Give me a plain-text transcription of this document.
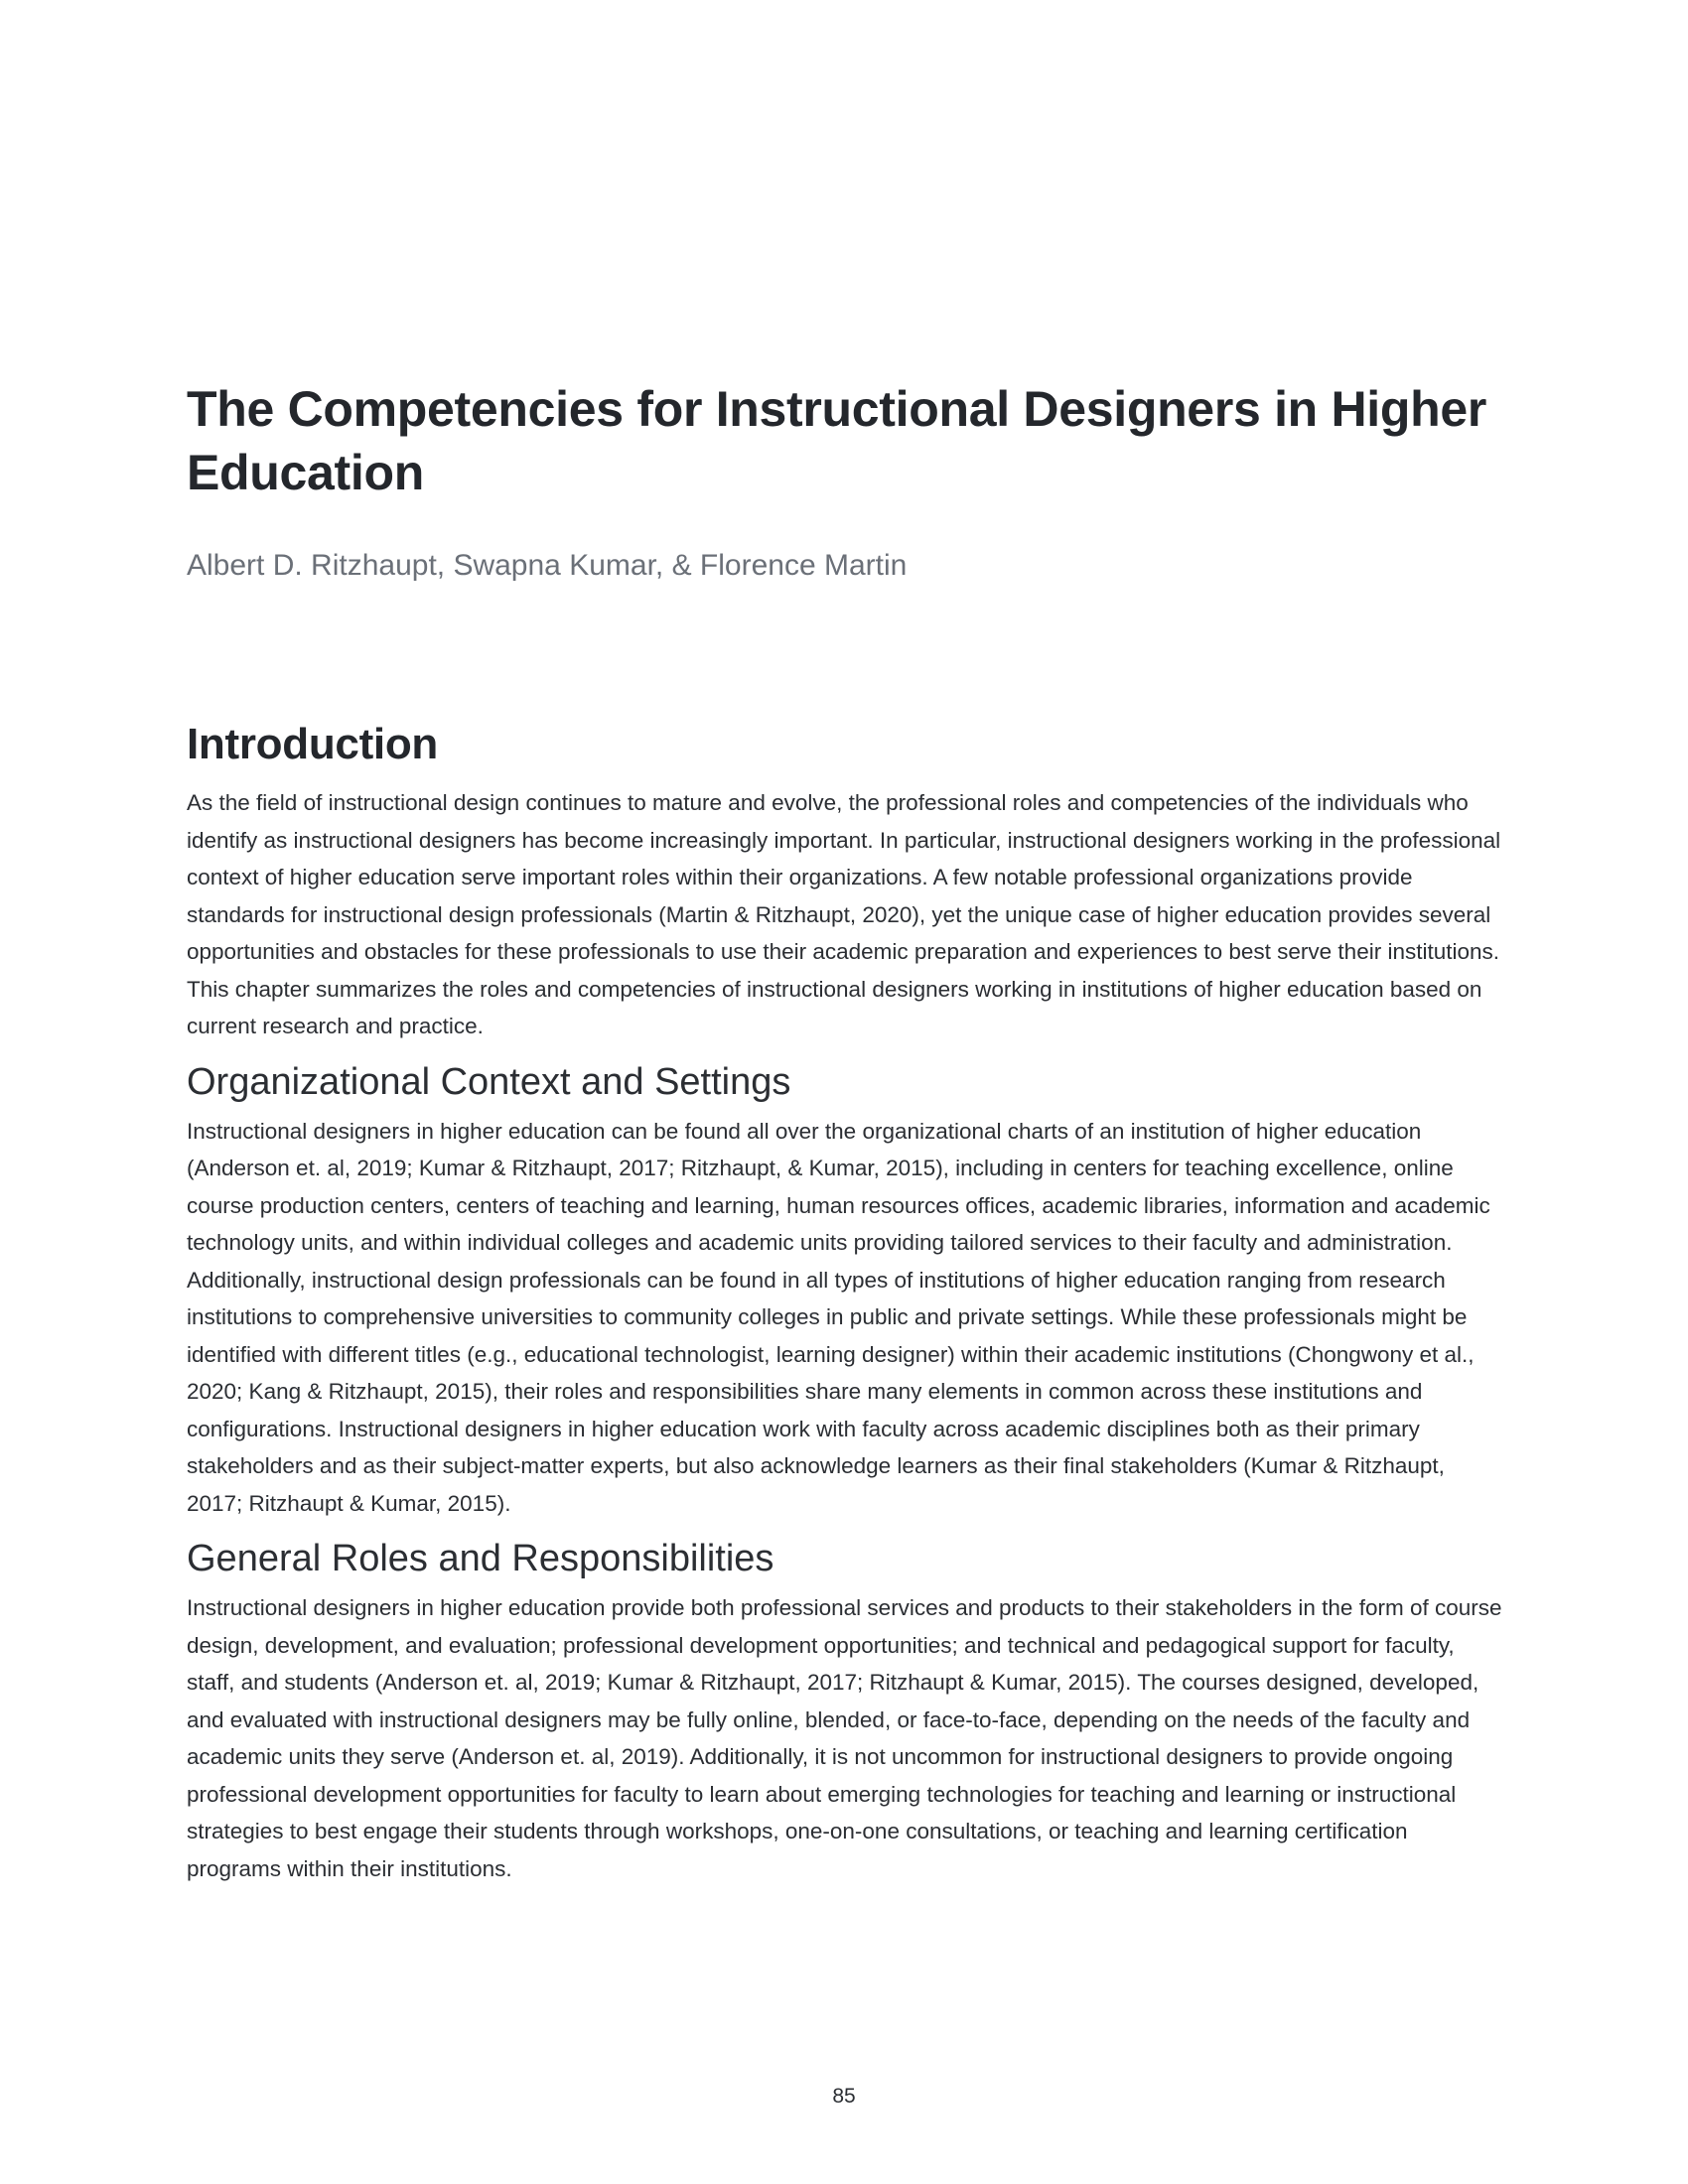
The Competencies for Instructional Designers in Higher Education

Albert D. Ritzhaupt, Swapna Kumar, & Florence Martin

Introduction

As the field of instructional design continues to mature and evolve, the professional roles and competencies of the individuals who identify as instructional designers has become increasingly important. In particular, instructional designers working in the professional context of higher education serve important roles within their organizations. A few notable professional organizations provide standards for instructional design professionals (Martin & Ritzhaupt, 2020), yet the unique case of higher education provides several opportunities and obstacles for these professionals to use their academic preparation and experiences to best serve their institutions. This chapter summarizes the roles and competencies of instructional designers working in institutions of higher education based on current research and practice.

Organizational Context and Settings

Instructional designers in higher education can be found all over the organizational charts of an institution of higher education (Anderson et. al, 2019; Kumar & Ritzhaupt, 2017; Ritzhaupt, & Kumar, 2015), including in centers for teaching excellence, online course production centers, centers of teaching and learning, human resources offices, academic libraries, information and academic technology units, and within individual colleges and academic units providing tailored services to their faculty and administration. Additionally, instructional design professionals can be found in all types of institutions of higher education ranging from research institutions to comprehensive universities to community colleges in public and private settings. While these professionals might be identified with different titles (e.g., educational technologist, learning designer) within their academic institutions (Chongwony et al., 2020; Kang & Ritzhaupt, 2015), their roles and responsibilities share many elements in common across these institutions and configurations. Instructional designers in higher education work with faculty across academic disciplines both as their primary stakeholders and as their subject-matter experts, but also acknowledge learners as their final stakeholders (Kumar & Ritzhaupt, 2017; Ritzhaupt & Kumar, 2015).

General Roles and Responsibilities

Instructional designers in higher education provide both professional services and products to their stakeholders in the form of course design, development, and evaluation; professional development opportunities; and technical and pedagogical support for faculty, staff, and students (Anderson et. al, 2019; Kumar & Ritzhaupt, 2017; Ritzhaupt & Kumar, 2015). The courses designed, developed, and evaluated with instructional designers may be fully online, blended, or face-to-face, depending on the needs of the faculty and academic units they serve (Anderson et. al, 2019). Additionally, it is not uncommon for instructional designers to provide ongoing professional development opportunities for faculty to learn about emerging technologies for teaching and learning or instructional strategies to best engage their students through workshops, one-on-one consultations, or teaching and learning certification programs within their institutions.

85
